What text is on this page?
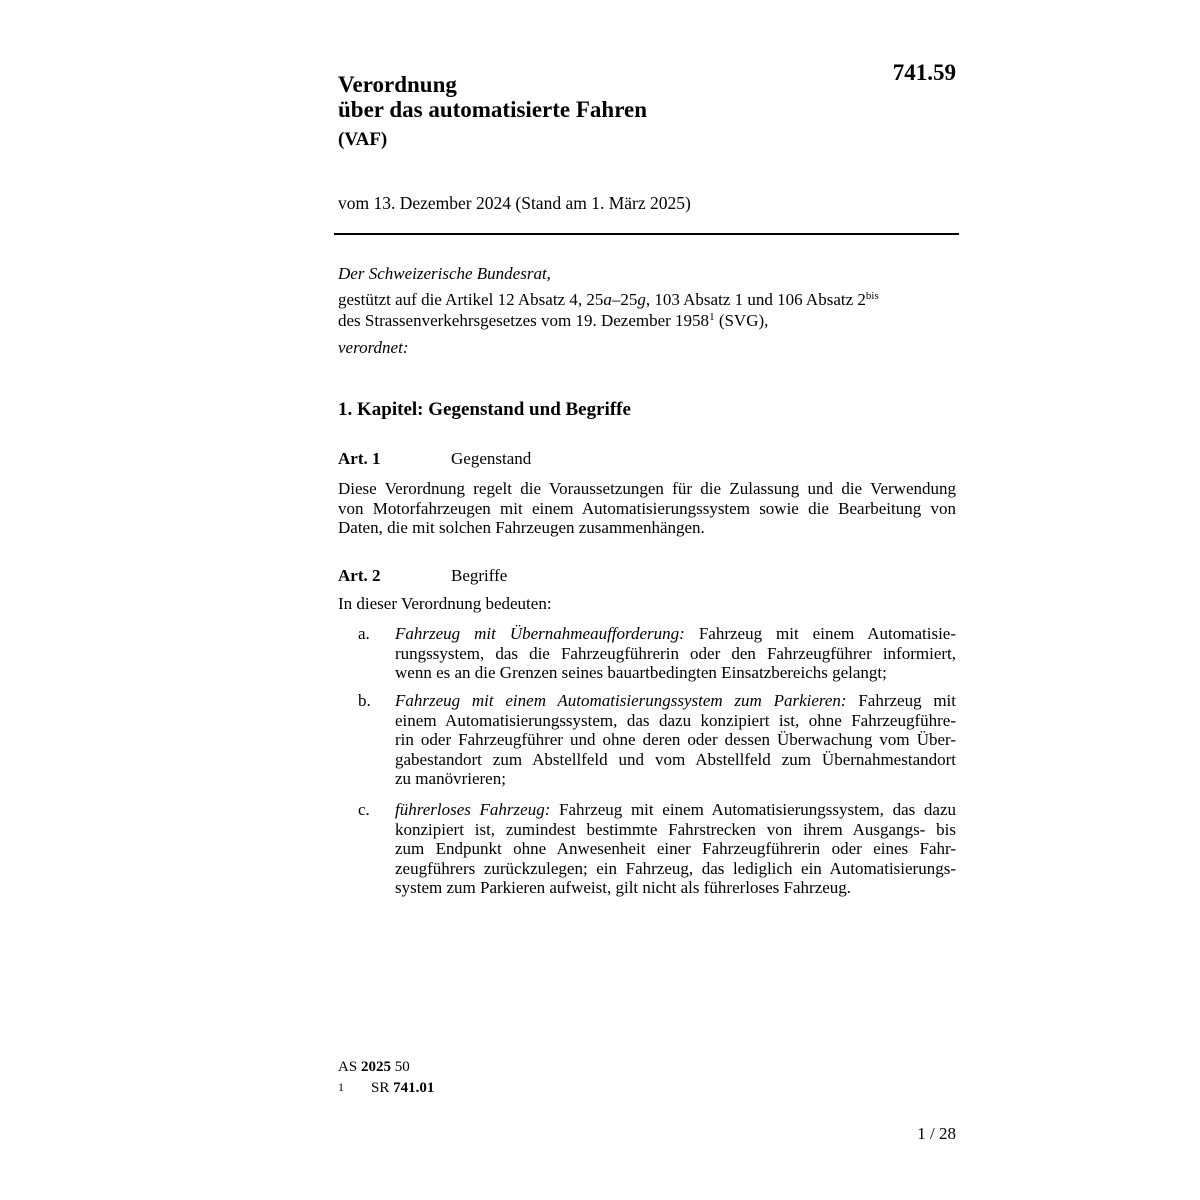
741.59
Verordnung
über das automatisierte Fahren
(VAF)
vom 13. Dezember 2024 (Stand am 1. März 2025)
Der Schweizerische Bundesrat,
gestützt auf die Artikel 12 Absatz 4, 25a–25g, 103 Absatz 1 und 106 Absatz $2^{bis}$
des Strassenverkehrsgesetzes vom 19. Dezember 1958$^1$ (SVG),
verordnet:
1. Kapitel: Gegenstand und Begriffe
Art. 1	Gegenstand
Diese Verordnung regelt die Voraussetzungen für die Zulassung und die Verwendung
von Motorfahrzeugen mit einem Automatisierungssystem sowie die Bearbeitung von
Daten, die mit solchen Fahrzeugen zusammenhängen.
Art. 2	Begriffe
In dieser Verordnung bedeuten:
a. Fahrzeug mit Übernahmeaufforderung: Fahrzeug mit einem Automatisie-
rungssystem, das die Fahrzeugführerin oder den Fahrzeugführer informiert,
wenn es an die Grenzen seines bauartbedingten Einsatzbereichs gelangt;
b. Fahrzeug mit einem Automatisierungssystem zum Parkieren: Fahrzeug mit
einem Automatisierungssystem, das dazu konzipiert ist, ohne Fahrzeugführe-
rin oder Fahrzeugführer und ohne deren oder dessen Überwachung vom Über-
gabestandort zum Abstellfeld und vom Abstellfeld zum Übernahmestandort
zu manövrieren;
c. führerloses Fahrzeug: Fahrzeug mit einem Automatisierungssystem, das dazu
konzipiert ist, zumindest bestimmte Fahrstrecken von ihrem Ausgangs- bis
zum Endpunkt ohne Anwesenheit einer Fahrzeugführerin oder eines Fahr-
zeugführers zurückzulegen; ein Fahrzeug, das lediglich ein Automatisierungs-
system zum Parkieren aufweist, gilt nicht als führerloses Fahrzeug.
AS 2025 50
1 SR 741.01
1 / 28
